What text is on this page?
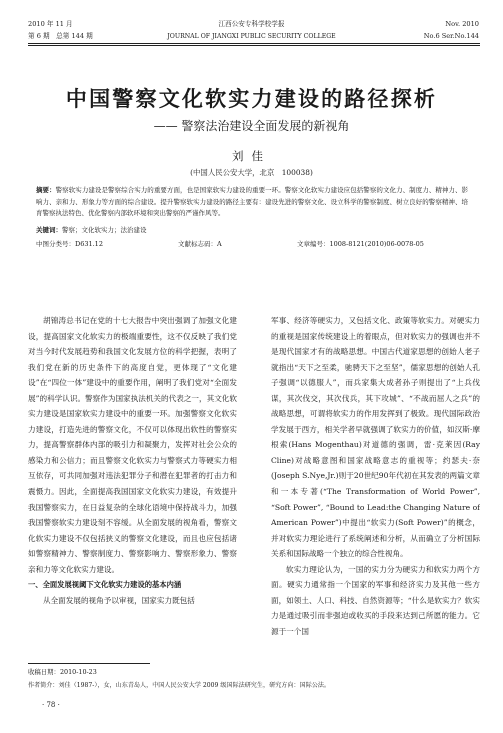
2010 年 11 月
第 6 期　总第 144 期
江西公安专科学校学报
JOURNAL OF JIANGXI PUBLIC SECURITY COLLEGE
Nov. 2010
No.6 Ser.No.144
中国警察文化软实力建设的路径探析
—— 警察法治建设全面发展的新视角
刘佳
(中国人民公安大学，北京　100038)
摘要：警察软实力建设是警察综合实力的重要方面，也是国家软实力建设的重要一环。警察文化软实力建设应包括警察的文化力、制度力、精神力、影响力、亲和力、形象力等方面的综合建设。提升警察软实力建设的路径主要有：建设先进的警察文化、设立科学的警察制度、树立良好的警察精神、培育警察执法特色、优化警察内部软环境和突出警察的严谨作风等。
关键词：警察；文化软实力；法治建设
中图分类号：D631.12	文献标志码：A	文章编号：1008-8121(2010)06-0078-05

胡锦涛总书记在党的十七大报告中突出强调了加强文化建设，提高国家文化软实力的极端重要性，这不仅反映了我们党对当今时代发展趋势和我国文化发展方位的科学把握，表明了我们党在新的历史条件下的高度自觉，更体现了“文化建设”在“四位一体”建设中的重要作用，阐明了我们党对“全面发展”的科学认识。警察作为国家执法机关的代表之一，其文化软实力建设是国家软实力建设中的重要一环。加强警察文化软实力建设，打造先进的警察文化，不仅可以体现出软性的警察实力，提高警察群体内部的吸引力和凝聚力，发挥对社会公众的感染力和公信力；而且警察文化软实力与警察式力等硬实力相互依存，可共同加强对违法犯罪分子和潜在犯罪者的打击力和震慑力。因此，全面提高我国国家文化软实力建设，有效提升我国警察实力，在日益复杂的全球化语境中保持战斗力，加强我国警察软实力建设刻不容缓。从全面发展的视角看，警察文化软实力建设不仅包括狭义的警察文化建设，而且也应包括诸如警察精神力、警察制度力、警察影响力、警察形象力、警察亲和力等文化软实力建设。

一、全面发展视阈下文化软实力建设的基本内涵

从全面发展的视角予以审视，国家实力既包括

军事、经济等硬实力，又包括文化、政策等软实力。对硬实力的重视是国家传统建设上的着眼点，但对软实力的强调也并不是现代国家才有的战略思想。中国古代道家思想的创始人老子就指出“天下之至柔，驰骋天下之至坚”，儒家思想的创始人孔子强调“以德服人”，而兵家集大成者孙子则提出了“上兵伐谋，其次伐交，其次伐兵，其下攻城”、“不战而屈人之兵”的战略思想，可谓将软实力的作用发挥到了极致。现代国际政治学发展于西方，相关学者早就强调了软实力的价值，如汉斯·摩根索(Hans Mogenthau)对道德的强调，雷·克莱因(Ray Cline)对战略意图和国家战略意志的重视等；约瑟夫·奈(Joseph S.Nye,Jr.)则于20世纪90年代初在其发表的两篇文章和一本专著(“The Transformation of World Power”, “Soft Power”, “Bound to Lead:the Changing Nature of American Power”)中提出“软实力(Soft Power)”的概念，并对软实力理论进行了系统阐述和分析，从而确立了分析国际关系和国际战略一个独立的综合性视角。

软实力理论认为，一国的实力分为硬实力和软实力两个方面。硬实力通常指一个国家的军事和经济实力及其他一些方面，如领土、人口、科技、自然资源等；“什么是软实力？软实力是通过吸引而非强迫或收买的手段来达到己所愿的能力。它源于一个国

收稿日期：2010-10-23
作者简介：刘佳（1987-），女，山东青岛人，中国人民公安大学 2009 级国际法研究生，研究方向：国际公法。
· 78 ·
